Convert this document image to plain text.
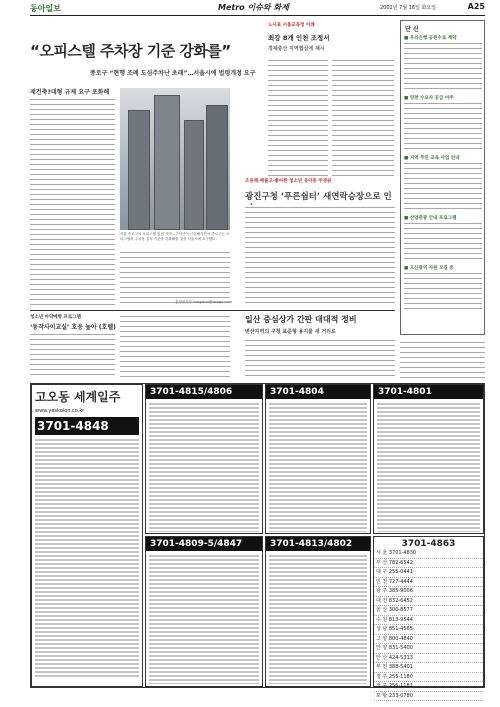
동아일보	Metro 이슈와 화제	2002년 7월 16일 화요일	A25
“오피스텔 주차장 기준 강화를”
종로구 “현행 조례 도심주차난 초래”…서울시에 법령개정 요구
재건축?대형 규제 요구 포화해
서울 종로구의 오피스텔 밀집 지역…주차난이 극심해지면서 종로구는 오피스텔의 주차장 설치 기준을 강화해줄 것을 서울시에 요구했다.
홍성철기자 sungchul@donga.com
노사표 서울교육청 이례
최강 8개 인천 조정서
경제중산 지역협심에 제시
조용해·베풀고·좋아한 청소년 유아통 주쟁위
광진구청 ‘푸른쉼터’ 새연락승장으로 인
단 신
■ 우리은행 공원수로 계약
■ 양천 수요자 공급 마주
■ 지역 주민 교육 사업 안내
■ 산업관광 안내 프로그램
■ 오산광역 자원 모집 중
청소년 마약예방 프로그램
‘동작사이교실’ 호응 높아 (호텔)
일산 중심상가 간판 대대적 정비
변산지역의 구청 표준형 용지를 새 거리로
고오동 세계일주
www.yeskolon.co.kr
3701-4848
3701-4815/4806	3701-4804	3701-4801
3701-4809-5/4847	3701-4813/4802	3701-4863
서 울 3701-4830
부 산 782-6542
대 구 255-0441
인 천 727-4444
광 주 385-9006
대 전 832-6452
울 산 300-8577
수 원 813-9544
성 남 851-4565
고 양 800-4840
안 양 831-5400
안 산 424-5313
부 천 388-5401
청 주 255-1180
전 주 256-1181
포 항 233-0780
